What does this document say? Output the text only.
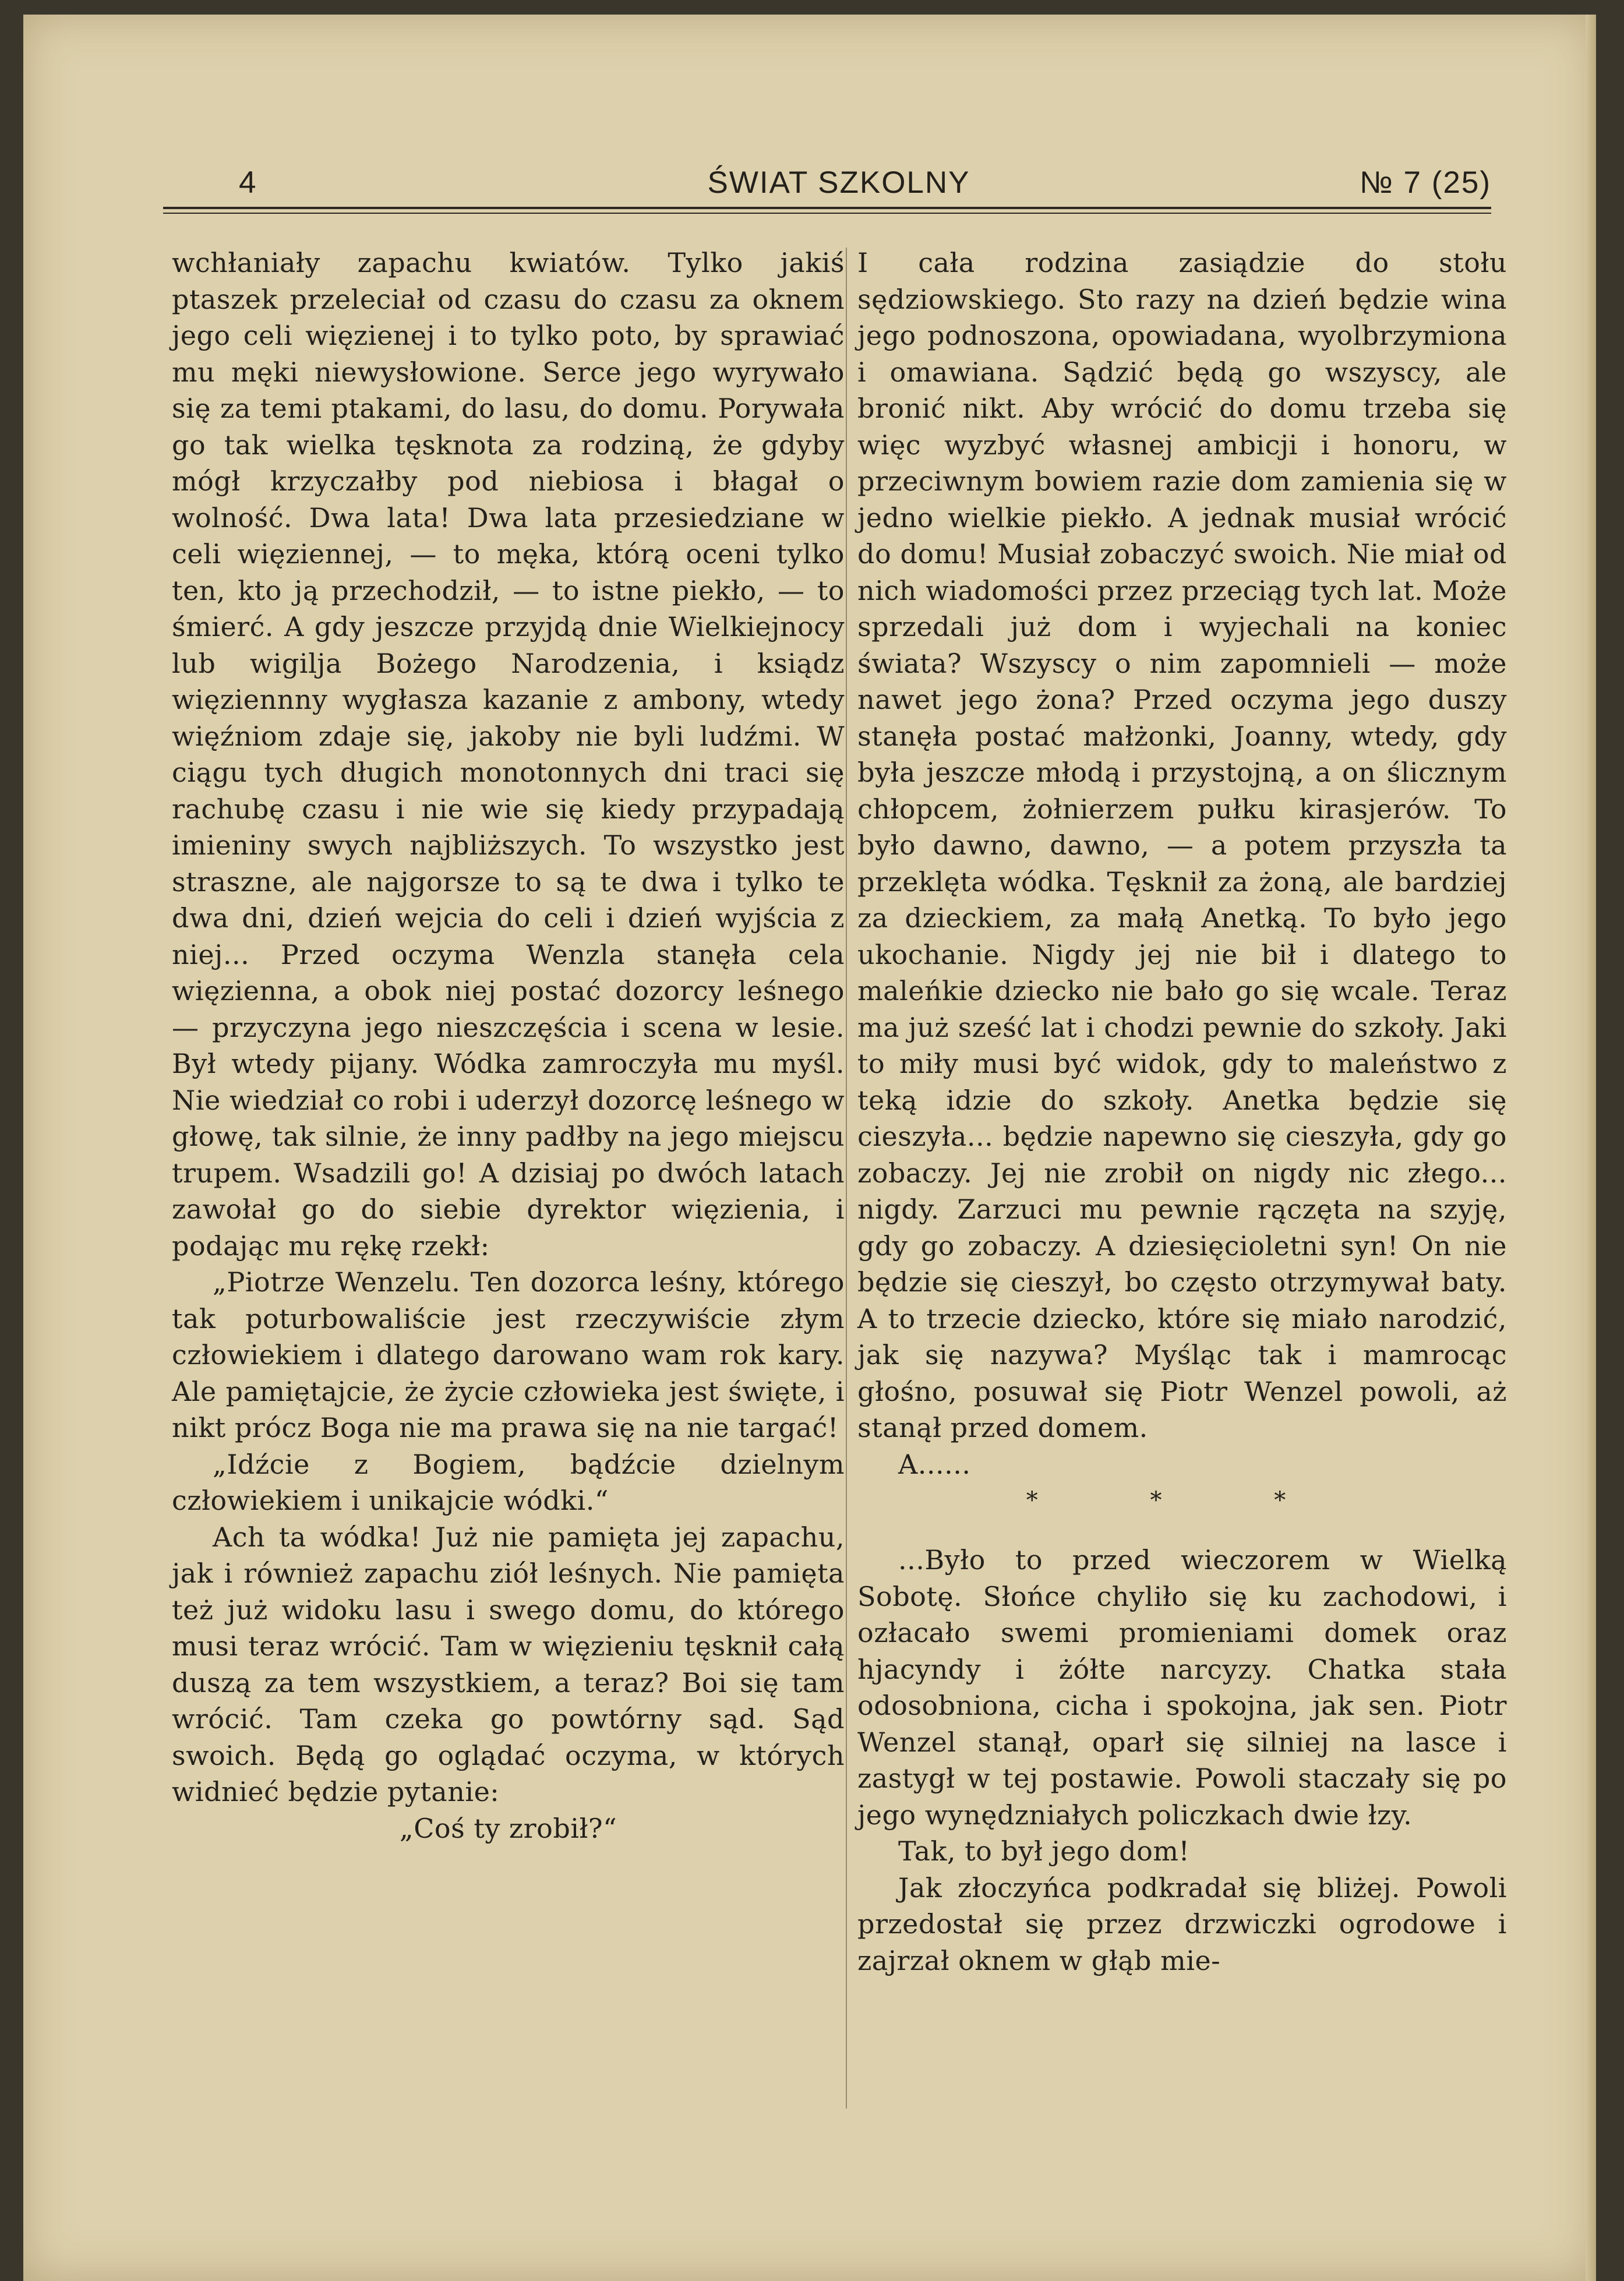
ŚWIAT SZKOLNY
4	№ 7 (25)

wchłaniały zapachu kwiatów. Tylko jakiś ptaszek przeleciał od czasu do czasu za oknem jego celi więzienej i to tylko poto, by sprawiać mu męki niewysłowione. Serce jego wyrywało się za temi ptakami, do lasu, do domu. Porywała go tak wielka tęsknota za rodziną, że gdyby mógł krzyczałby pod niebiosa i błagał o wolność. Dwa lata! Dwa lata przesiedziane w celi więziennej, — to męka, którą oceni tylko ten, kto ją przechodził, — to istne piekło, — to śmierć. A gdy jeszcze przyjdą dnie Wielkiejnocy lub wigilja Bożego Narodzenia, i ksiądz więziennny wygłasza kazanie z ambony, wtedy więźniom zdaje się, jakoby nie byli ludźmi. W ciągu tych długich monotonnych dni traci się rachubę czasu i nie wie się kiedy przypadają imieniny swych najbliższych. To wszystko jest straszne, ale najgorsze to są te dwa i tylko te dwa dni, dzień wejcia do celi i dzień wyjścia z niej... Przed oczyma Wenzla stanęła cela więzienna, a obok niej postać dozorcy leśnego — przyczyna jego nieszczęścia i scena w lesie. Był wtedy pijany. Wódka zamroczyła mu myśl. Nie wiedział co robi i uderzył dozorcę leśnego w głowę, tak silnie, że inny padłby na jego miejscu trupem. Wsadzili go! A dzisiaj po dwóch latach zawołał go do siebie dyrektor więzienia, i podając mu rękę rzekł:

„Piotrze Wenzelu. Ten dozorca leśny, którego tak poturbowaliście jest rzeczywiście złym człowiekiem i dlatego darowano wam rok kary. Ale pamiętajcie, że życie człowieka jest święte, i nikt prócz Boga nie ma prawa się na nie targać!

„Idźcie z Bogiem, bądźcie dzielnym człowiekiem i unikajcie wódki.“

Ach ta wódka! Już nie pamięta jej zapachu, jak i również zapachu ziół leśnych. Nie pamięta też już widoku lasu i swego domu, do którego musi teraz wrócić. Tam w więzieniu tęsknił całą duszą za tem wszystkiem, a teraz? Boi się tam wrócić. Tam czeka go powtórny sąd. Sąd swoich. Będą go oglądać oczyma, w których widnieć będzie pytanie:

„Coś ty zrobił?“

I cała rodzina zasiądzie do stołu sędziowskiego. Sto razy na dzień będzie wina jego podnoszona, opowiadana, wyolbrzymiona i omawiana. Sądzić będą go wszyscy, ale bronić nikt. Aby wrócić do domu trzeba się więc wyzbyć własnej ambicji i honoru, w przeciwnym bowiem razie dom zamienia się w jedno wielkie piekło. A jednak musiał wrócić do domu! Musiał zobaczyć swoich. Nie miał od nich wiadomości przez przeciąg tych lat. Może sprzedali już dom i wyjechali na koniec świata? Wszyscy o nim zapomnieli — może nawet jego żona? Przed oczyma jego duszy stanęła postać małżonki, Joanny, wtedy, gdy była jeszcze młodą i przystojną, a on ślicznym chłopcem, żołnierzem pułku kirasjerów. To było dawno, dawno, — a potem przyszła ta przeklęta wódka. Tęsknił za żoną, ale bardziej za dzieckiem, za małą Anetką. To było jego ukochanie. Nigdy jej nie bił i dlatego to maleńkie dziecko nie bało go się wcale. Teraz ma już sześć lat i chodzi pewnie do szkoły. Jaki to miły musi być widok, gdy to maleństwo z teką idzie do szkoły. Anetka będzie się cieszyła... będzie napewno się cieszyła, gdy go zobaczy. Jej nie zrobił on nigdy nic złego... nigdy. Zarzuci mu pewnie rączęta na szyję, gdy go zobaczy. A dziesięcioletni syn! On nie będzie się cieszył, bo często otrzymywał baty. A to trzecie dziecko, które się miało narodzić, jak się nazywa? Myśląc tak i mamrocąc głośno, posuwał się Piotr Wenzel powoli, aż stanął przed domem.

A......

* * *

...Było to przed wieczorem w Wielką Sobotę. Słońce chyliło się ku zachodowi, i ozłacało swemi promieniami domek oraz hjacyndy i żółte narcyzy. Chatka stała odosobniona, cicha i spokojna, jak sen. Piotr Wenzel stanął, oparł się silniej na lasce i zastygł w tej postawie. Powoli staczały się po jego wynędzniałych policzkach dwie łzy.

Tak, to był jego dom!

Jak złoczyńca podkradał się bliżej. Powoli przedostał się przez drzwiczki ogrodowe i zajrzał oknem w głąb mie-
